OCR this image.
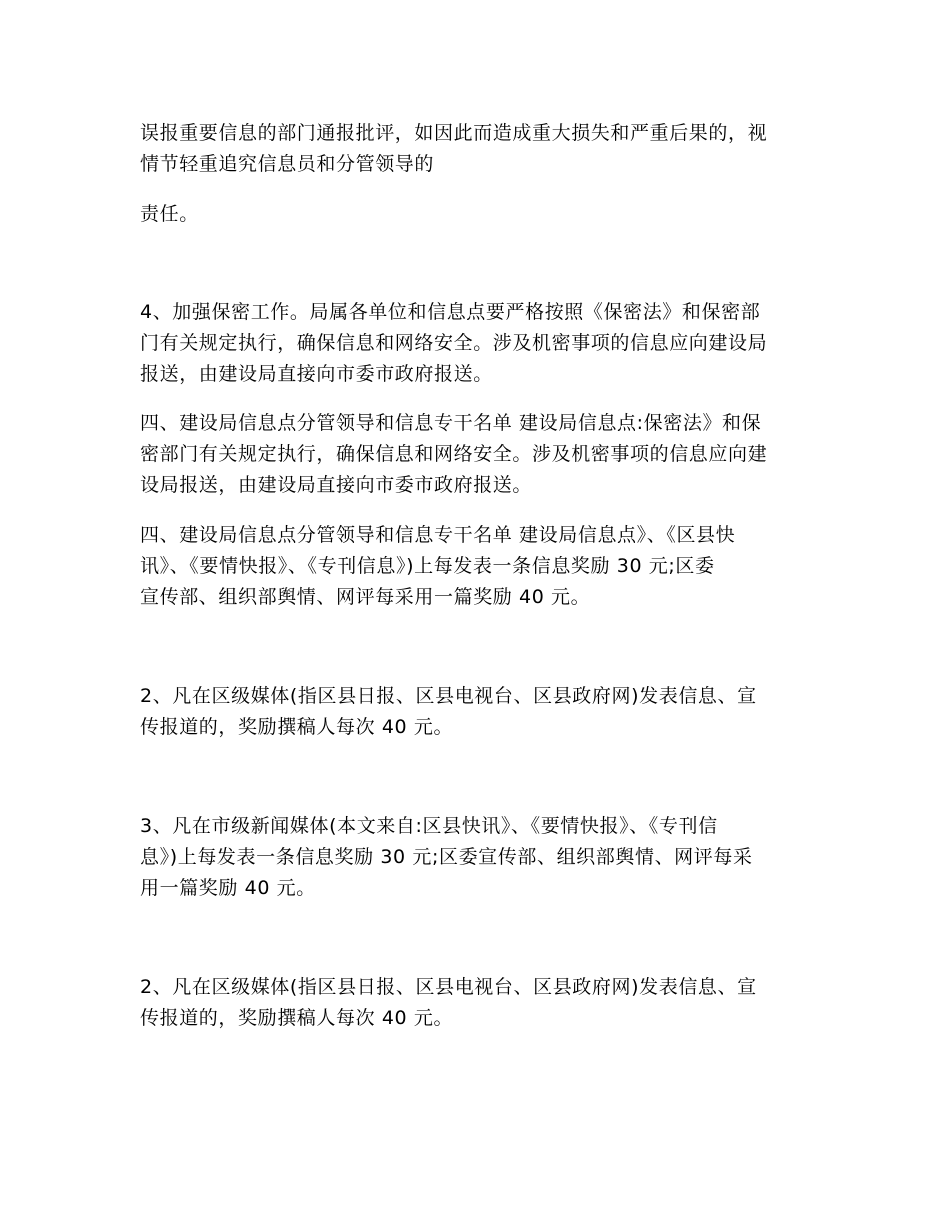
误报重要信息的部门通报批评，如因此而造成重大损失和严重后果的，视
情节轻重追究信息员和分管领导的
责任。
4、加强保密工作。局属各单位和信息点要严格按照《保密法》和保密部
门有关规定执行，确保信息和网络安全。涉及机密事项的信息应向建设局
报送，由建设局直接向市委市政府报送。
四、建设局信息点分管领导和信息专干名单 建设局信息点:保密法》和保
密部门有关规定执行，确保信息和网络安全。涉及机密事项的信息应向建
设局报送，由建设局直接向市委市政府报送。
四、建设局信息点分管领导和信息专干名单 建设局信息点》、《区县快
讯》、《要情快报》、《专刊信息》)上每发表一条信息奖励 30 元;区委
宣传部、组织部舆情、网评每采用一篇奖励 40 元。
2、凡在区级媒体(指区县日报、区县电视台、区县政府网)发表信息、宣
传报道的，奖励撰稿人每次 40 元。
3、凡在市级新闻媒体(本文来自:区县快讯》、《要情快报》、《专刊信
息》)上每发表一条信息奖励 30 元;区委宣传部、组织部舆情、网评每采
用一篇奖励 40 元。
2、凡在区级媒体(指区县日报、区县电视台、区县政府网)发表信息、宣
传报道的，奖励撰稿人每次 40 元。
